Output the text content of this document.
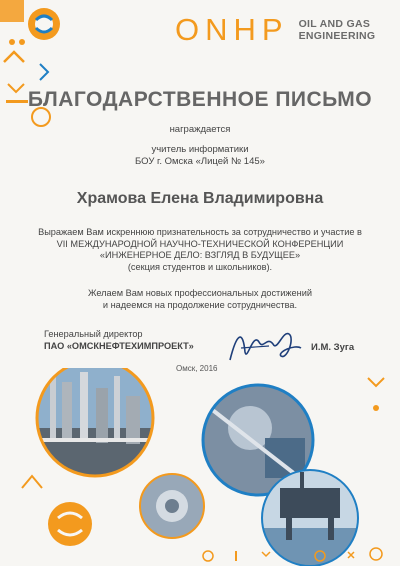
ONHP OIL AND GAS
ENGINEERING
БЛАГОДАРСТВЕННОЕ ПИСЬМО
награждается
учитель информатики
БОУ г. Омска «Лицей № 145»
Храмова Елена Владимировна
Выражаем Вам искреннюю признательность за сотрудничество и участие в
VII МЕЖДУНАРОДНОЙ НАУЧНО-ТЕХНИЧЕСКОЙ КОНФЕРЕНЦИИ
«ИНЖЕНЕРНОЕ ДЕЛО: ВЗГЛЯД В БУДУЩЕЕ»
(секция студентов и школьников).
Желаем Вам новых профессиональных достижений
и надеемся на продолжение сотрудничества.
Генеральный директор
ПАО «ОМСКНЕФТЕХИМПРОЕКТ»	И.М. Зуга
Омск, 2016
